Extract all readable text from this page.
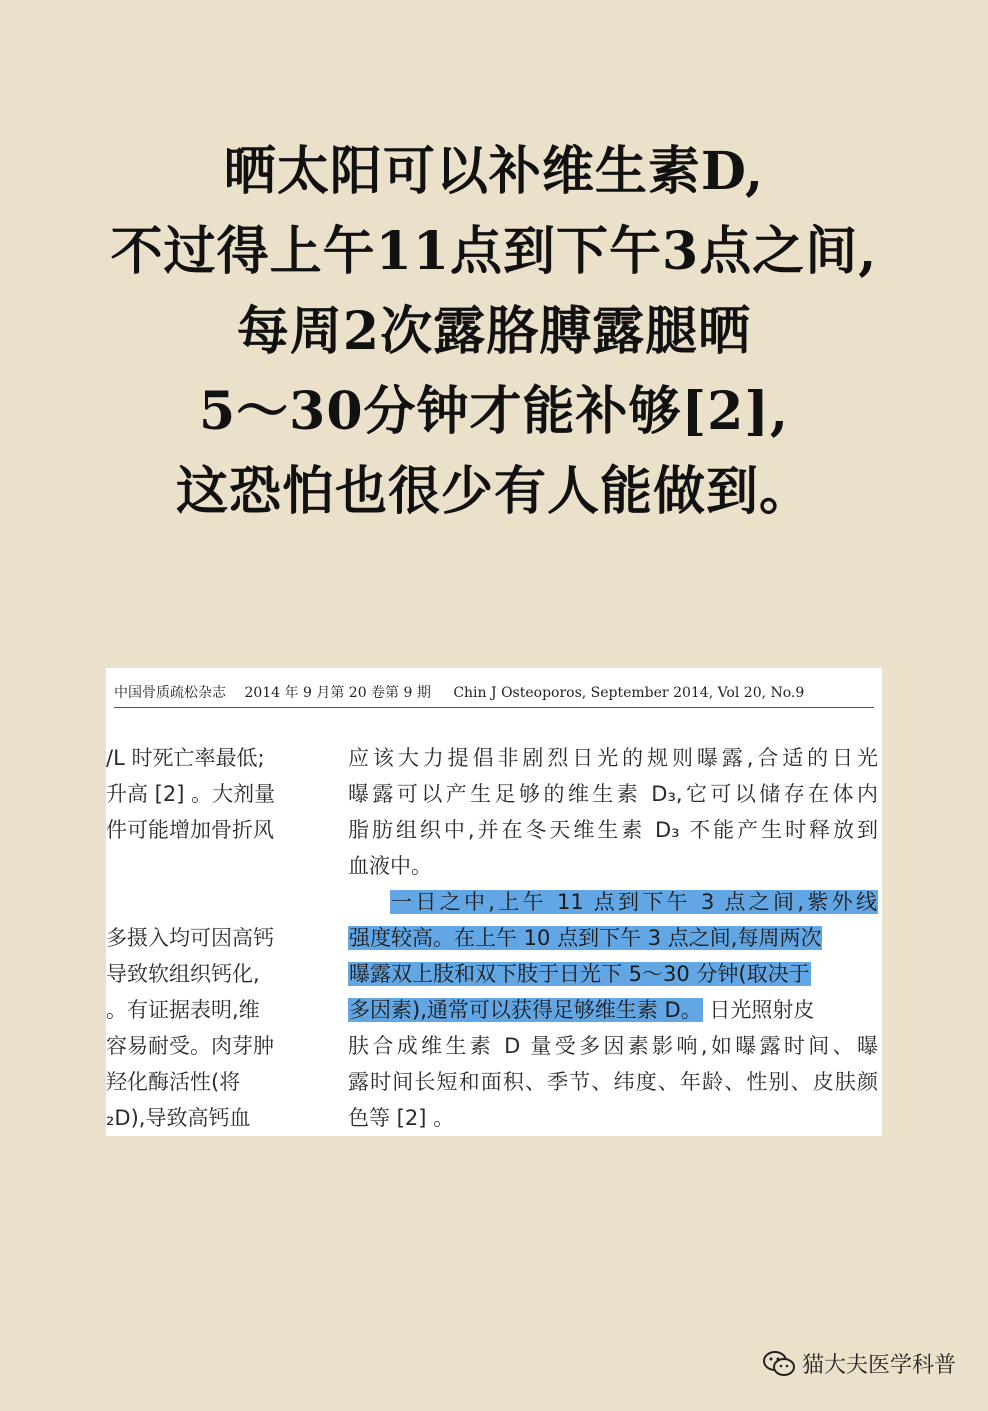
晒太阳可以补维生素D,
不过得上午11点到下午3点之间,
每周2次露胳膊露腿晒
5～30分钟才能补够[2],
这恐怕也很少有人能做到。
中国骨质疏松杂志 2014 年 9 月第 20 卷第 9 期 Chin J Osteoporos, September 2014, Vol 20, No.9
/L 时死亡率最低;
升高 [2] 。大剂量
件可能增加骨折风
多摄入均可因高钙
导致软组织钙化,
。有证据表明,维
容易耐受。肉芽肿
羟化酶活性(将
₂D),导致高钙血
应该大力提倡非剧烈日光的规则曝露,合适的日光
曝露可以产生足够的维生素 D₃,它可以储存在体内
脂肪组织中,并在冬天维生素 D₃ 不能产生时释放到
血液中。
一日之中,上午 11 点到下午 3 点之间,紫外线
强度较高。在上午 10 点到下午 3 点之间,每周两次
曝露双上肢和双下肢于日光下 5～30 分钟(取决于
多因素),通常可以获得足够维生素 D。 日光照射皮
肤合成维生素 D 量受多因素影响,如曝露时间、曝
露时间长短和面积、季节、纬度、年龄、性别、皮肤颜
色等 [2] 。
猫大夫医学科普
